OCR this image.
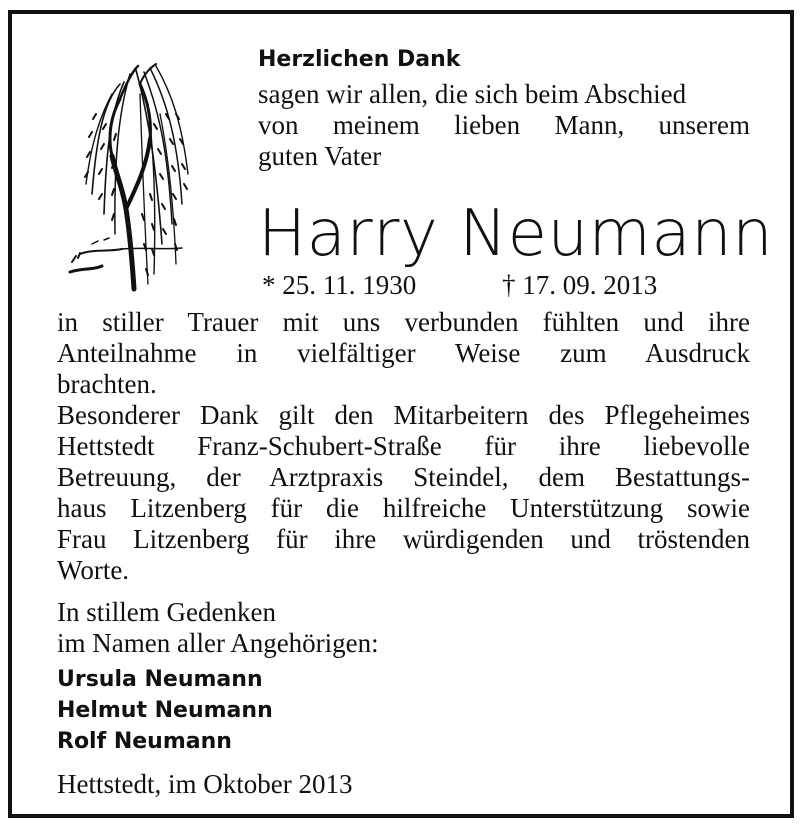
Herzlichen Dank
sagen wir allen, die sich beim Abschied
von meinem lieben Mann, unserem
guten Vater
Harry Neumann
* 25. 11. 1930	† 17. 09. 2013
in stiller Trauer mit uns verbunden fühlten und ihre
Anteilnahme in vielfältiger Weise zum Ausdruck
brachten.
Besonderer Dank gilt den Mitarbeitern des Pflegeheimes
Hettstedt Franz-Schubert-Straße für ihre liebevolle
Betreuung, der Arztpraxis Steindel, dem Bestattungs-
haus Litzenberg für die hilfreiche Unterstützung sowie
Frau Litzenberg für ihre würdigenden und tröstenden
Worte.
In stillem Gedenken
im Namen aller Angehörigen:
Ursula Neumann
Helmut Neumann
Rolf Neumann
Hettstedt, im Oktober 2013
